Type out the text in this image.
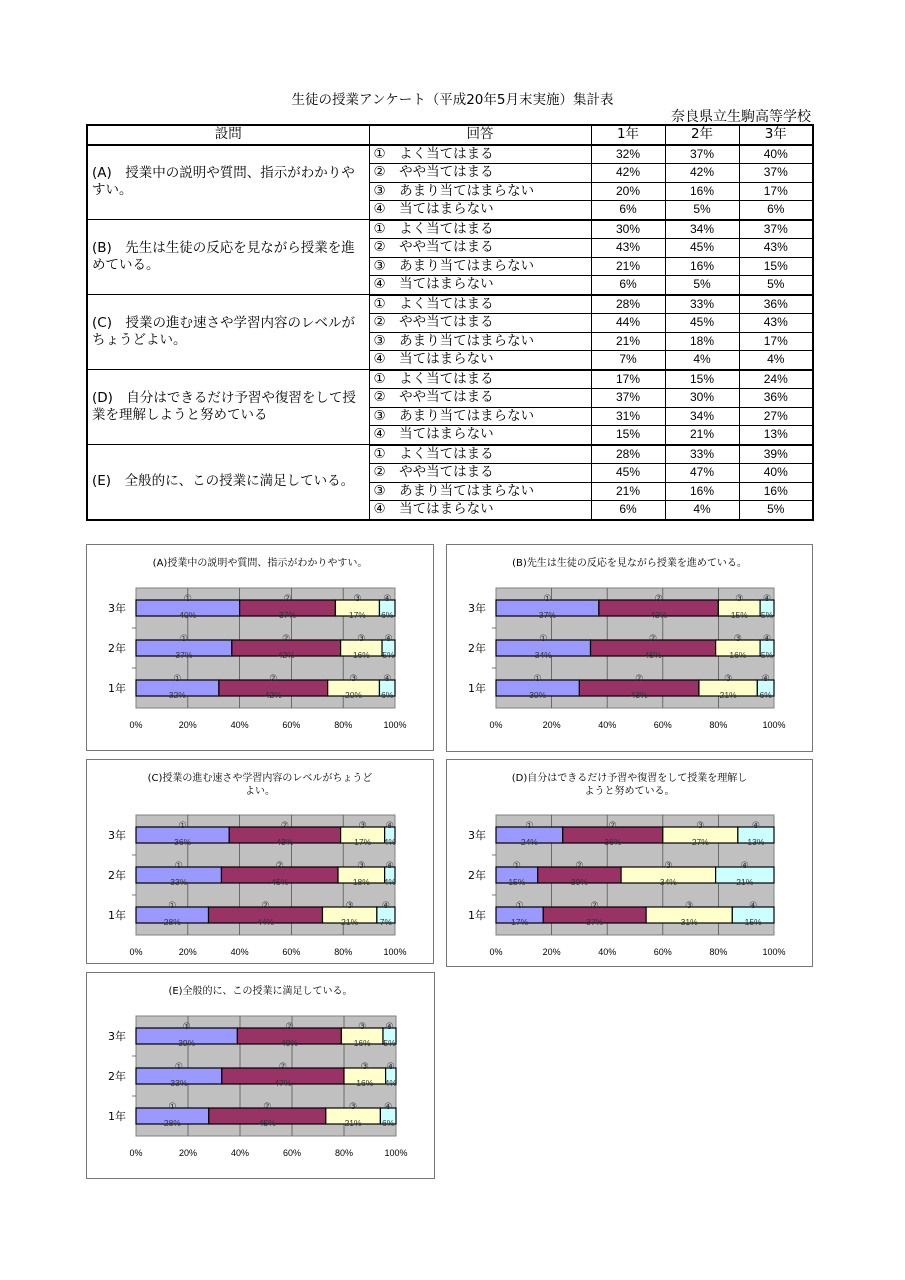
生徒の授業アンケート（平成20年5月末実施）集計表
奈良県立生駒高等学校
設問	回答	1年	2年	3年
(A)　授業中の説明や質問、指示がわかりやすい。	①　よく当てはまる	32%	37%	40%
	②　やや当てはまる	42%	42%	37%
	③　あまり当てはまらない	20%	16%	17%
	④　当てはまらない	6%	5%	6%
(B)　先生は生徒の反応を見ながら授業を進めている。	①　よく当てはまる	30%	34%	37%
	②　やや当てはまる	43%	45%	43%
	③　あまり当てはまらない	21%	16%	15%
	④　当てはまらない	6%	5%	5%
(C)　授業の進む速さや学習内容のレベルがちょうどよい。	①　よく当てはまる	28%	33%	36%
	②　やや当てはまる	44%	45%	43%
	③　あまり当てはまらない	21%	18%	17%
	④　当てはまらない	7%	4%	4%
(D)　自分はできるだけ予習や復習をして授業を理解しようと努めている	①　よく当てはまる	17%	15%	24%
	②　やや当てはまる	37%	30%	36%
	③　あまり当てはまらない	31%	34%	27%
	④　当てはまらない	15%	21%	13%
(E)　全般的に、この授業に満足している。	①　よく当てはまる	28%	33%	39%
	②　やや当てはまる	45%	47%	40%
	③　あまり当てはまらない	21%	16%	16%
	④　当てはまらない	6%	4%	5%
(A)授業中の説明や質問、指示がわかりやすい。
0%	20%	40%	60%	80%	100%
1年
①
32%
②
42%
③
20%
④
6%
2年
①
37%
②
42%
③
16%
④
5%
3年
①
40%
②
37%
③
17%
④
6%
(B)先生は生徒の反応を見ながら授業を進めている。
0%	20%	40%	60%	80%	100%
1年
①
30%
②
43%
③
21%
④
6%
2年
①
34%
②
45%
③
16%
④
5%
3年
①
37%
②
43%
③
15%
④
5%
(C)授業の進む速さや学習内容のレベルがちょうど
よい。
0%	20%	40%	60%	80%	100%
1年
①
28%
②
44%
③
21%
④
7%
2年
①
33%
②
45%
③
18%
④
4%
3年
①
36%
②
43%
③
17%
④
4%
(D)自分はできるだけ予習や復習をして授業を理解し
ようと努めている。
0%	20%	40%	60%	80%	100%
1年
①
17%
②
37%
③
31%
④
15%
2年
①
15%
②
30%
③
34%
④
21%
3年
①
24%
②
36%
③
27%
④
13%
(E)全般的に、この授業に満足している。
0%	20%	40%	60%	80%	100%
1年
①
28%
②
45%
③
21%
④
6%
2年
①
33%
②
47%
③
16%
④
4%
3年
①
39%
②
40%
③
16%
④
5%
